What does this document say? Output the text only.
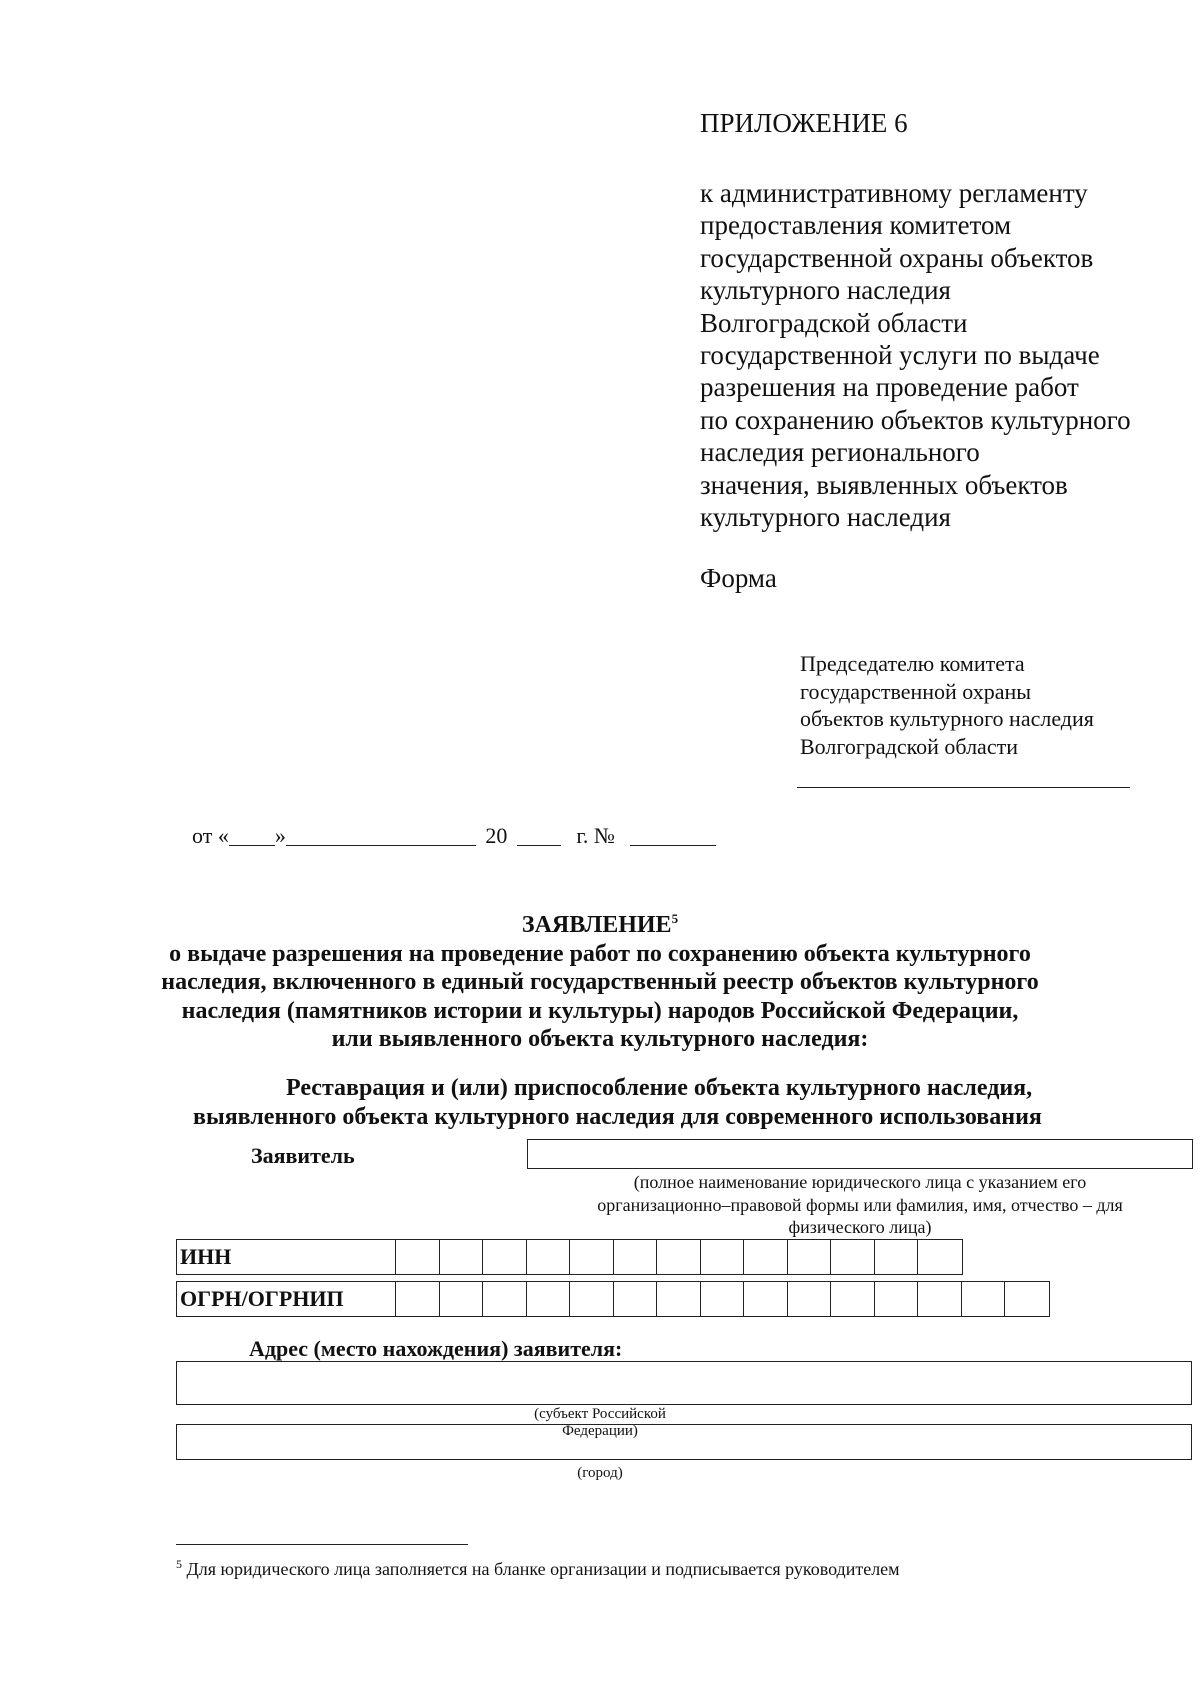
ПРИЛОЖЕНИЕ 6
к административному регламенту
предоставления комитетом
государственной охраны объектов
культурного наследия
Волгоградской области
государственной услуги по выдаче
разрешения на проведение работ
по сохранению объектов культурного
наследия регионального
значения, выявленных объектов
культурного наследия
Форма
Председателю комитета
государственной охраны
объектов культурного наследия
Волгоградской области
от « »	20	г. №
ЗАЯВЛЕНИЕ$^5$
о выдаче разрешения на проведение работ по сохранению объекта культурного
наследия, включенного в единый государственный реестр объектов культурного
наследия (памятников истории и культуры) народов Российской Федерации,
или выявленного объекта культурного наследия:
Реставрация и (или) приспособление объекта культурного наследия,
выявленного объекта культурного наследия для современного использования
Заявитель
(полное наименование юридического лица с указанием его
организационно–правовой формы или фамилия, имя, отчество – для
физического лица)
ИНН
ОГРН/ОГРНИП
Адрес (место нахождения) заявителя:
(субъект Российской Федерации)
(город)
$^5$ Для юридического лица заполняется на бланке организации и подписывается руководителем
